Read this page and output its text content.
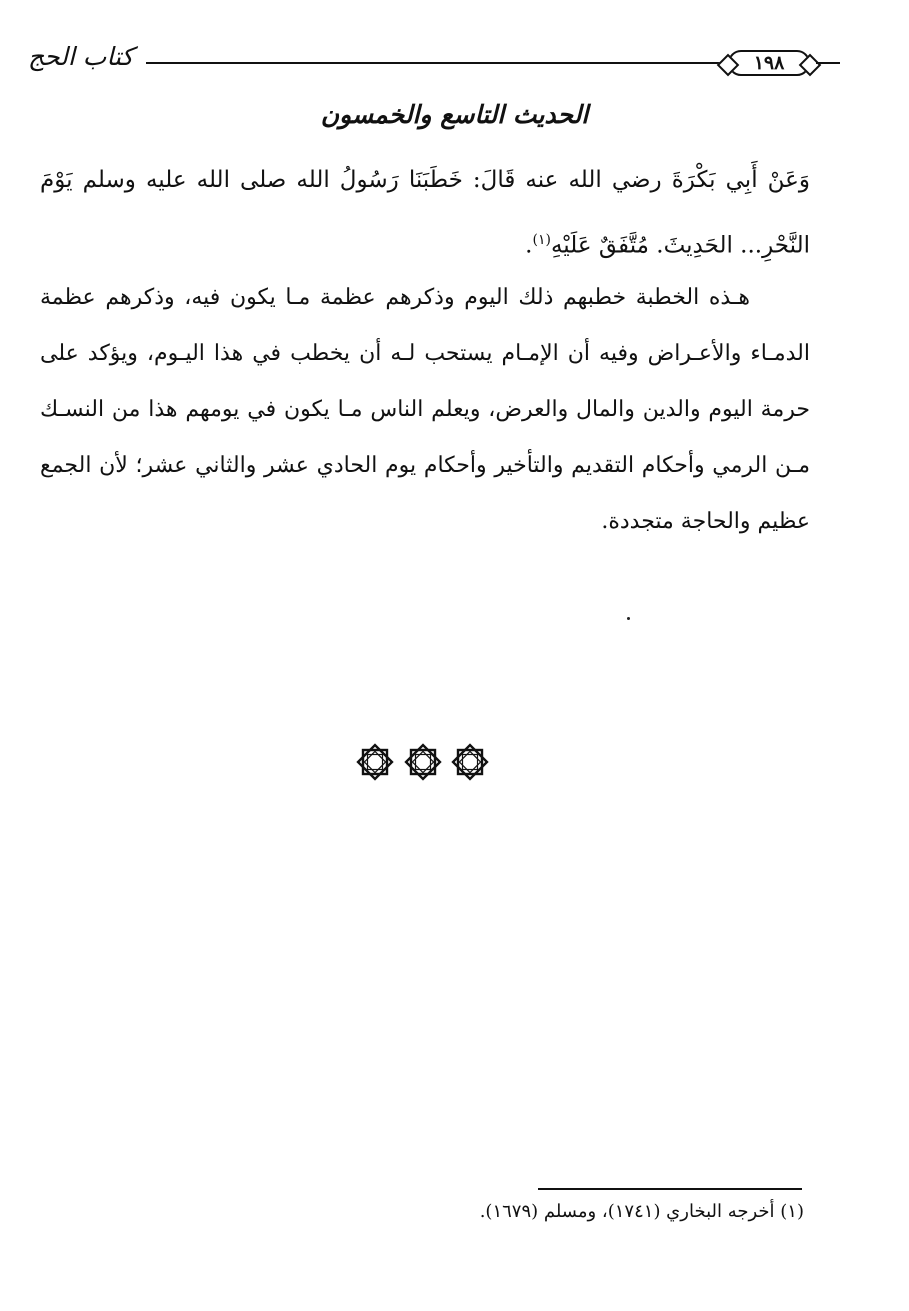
كتاب الحج	١٩٨
الحديث التاسع والخمسون
وَعَنْ أَبِي بَكْرَةَ رضي الله عنه قَالَ: خَطَبَنَا رَسُولُ الله صلى الله عليه وسلم يَوْمَ النَّحْرِ... الحَدِيثَ. مُتَّفَقٌ عَلَيْهِ$^{(١)}$.
هـذه الخطبة خطبهم ذلك اليوم وذكرهم عظمة مـا يكون فيه، وذكرهم عظمة الدمـاء والأعـراض وفيه أن الإمـام يستحب لـه أن يخطب في هذا اليـوم، ويؤكد على حرمة اليوم والدين والمال والعرض، ويعلم الناس مـا يكون في يومهم هذا من النسـك مـن الرمي وأحكام التقديم والتأخير وأحكام يوم الحادي عشر والثاني عشر؛ لأن الجمع عظيم والحاجة متجددة.
(١) أخرجه البخاري (١٧٤١)، ومسلم (١٦٧٩).
